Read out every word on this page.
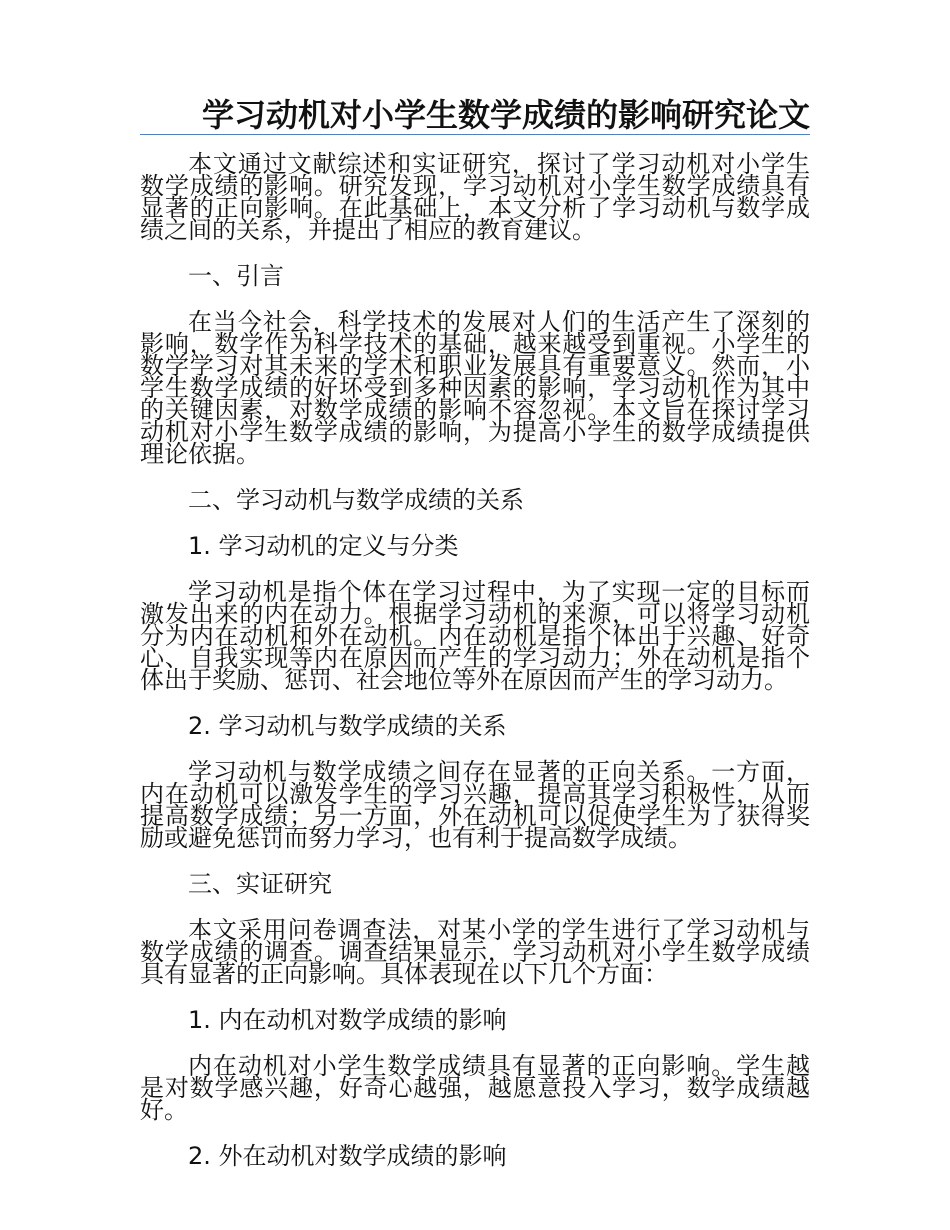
学习动机对小学生数学成绩的影响研究论文

本文通过文献综述和实证研究，探讨了学习动机对小学生数学成绩的影响。研究发现，学习动机对小学生数学成绩具有显著的正向影响。在此基础上，本文分析了学习动机与数学成绩之间的关系，并提出了相应的教育建议。

一、引言

在当今社会，科学技术的发展对人们的生活产生了深刻的影响，数学作为科学技术的基础，越来越受到重视。小学生的数学学习对其未来的学术和职业发展具有重要意义。然而，小学生数学成绩的好坏受到多种因素的影响，学习动机作为其中的关键因素，对数学成绩的影响不容忽视。本文旨在探讨学习动机对小学生数学成绩的影响，为提高小学生的数学成绩提供理论依据。

二、学习动机与数学成绩的关系

1. 学习动机的定义与分类

学习动机是指个体在学习过程中，为了实现一定的目标而激发出来的内在动力。根据学习动机的来源，可以将学习动机分为内在动机和外在动机。内在动机是指个体出于兴趣、好奇心、自我实现等内在原因而产生的学习动力；外在动机是指个体出于奖励、惩罚、社会地位等外在原因而产生的学习动力。

2. 学习动机与数学成绩的关系

学习动机与数学成绩之间存在显著的正向关系。一方面，内在动机可以激发学生的学习兴趣，提高其学习积极性，从而提高数学成绩；另一方面，外在动机可以促使学生为了获得奖励或避免惩罚而努力学习，也有利于提高数学成绩。

三、实证研究

本文采用问卷调查法，对某小学的学生进行了学习动机与数学成绩的调查。调查结果显示，学习动机对小学生数学成绩具有显著的正向影响。具体表现在以下几个方面：

1. 内在动机对数学成绩的影响

内在动机对小学生数学成绩具有显著的正向影响。学生越是对数学感兴趣，好奇心越强，越愿意投入学习，数学成绩越好。

2. 外在动机对数学成绩的影响
